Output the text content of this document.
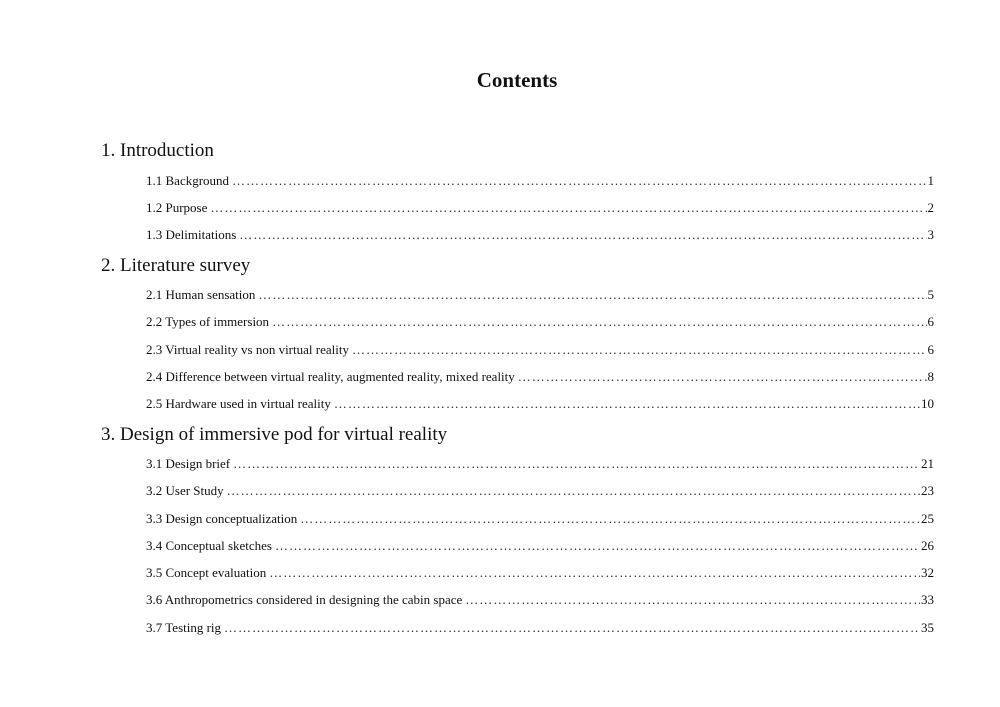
Contents
1. Introduction
1.1 Background ……………………………………………………………………………………………………………………………………………………………………………………………………………………………………………………………………	1
1.2 Purpose ……………………………………………………………………………………………………………………………………………………………………………………………………………………………………………………………………	2
1.3 Delimitations ……………………………………………………………………………………………………………………………………………………………………………………………………………………………………………………………………	3
2. Literature survey
2.1 Human sensation ……………………………………………………………………………………………………………………………………………………………………………………………………………………………………………………………………	5
2.2 Types of immersion ……………………………………………………………………………………………………………………………………………………………………………………………………………………………………………………………………	6
2.3 Virtual reality vs non virtual reality ……………………………………………………………………………………………………………………………………………………………………………………………………………………………………………………………………	6
2.4 Difference between virtual reality, augmented reality, mixed reality ……………………………………………………………………………………………………………………………………………………………………………………………………………………………………………………………………	8
2.5 Hardware used in virtual reality ……………………………………………………………………………………………………………………………………………………………………………………………………………………………………………………………………	10
3. Design of immersive pod for virtual reality
3.1 Design brief ……………………………………………………………………………………………………………………………………………………………………………………………………………………………………………………………………	21
3.2 User Study ……………………………………………………………………………………………………………………………………………………………………………………………………………………………………………………………………	23
3.3 Design conceptualization ……………………………………………………………………………………………………………………………………………………………………………………………………………………………………………………………………	25
3.4 Conceptual sketches ……………………………………………………………………………………………………………………………………………………………………………………………………………………………………………………………………	26
3.5 Concept evaluation ……………………………………………………………………………………………………………………………………………………………………………………………………………………………………………………………………	32
3.6 Anthropometrics considered in designing the cabin space ……………………………………………………………………………………………………………………………………………………………………………………………………………………………………………………………………	33
3.7 Testing rig ……………………………………………………………………………………………………………………………………………………………………………………………………………………………………………………………………	35
